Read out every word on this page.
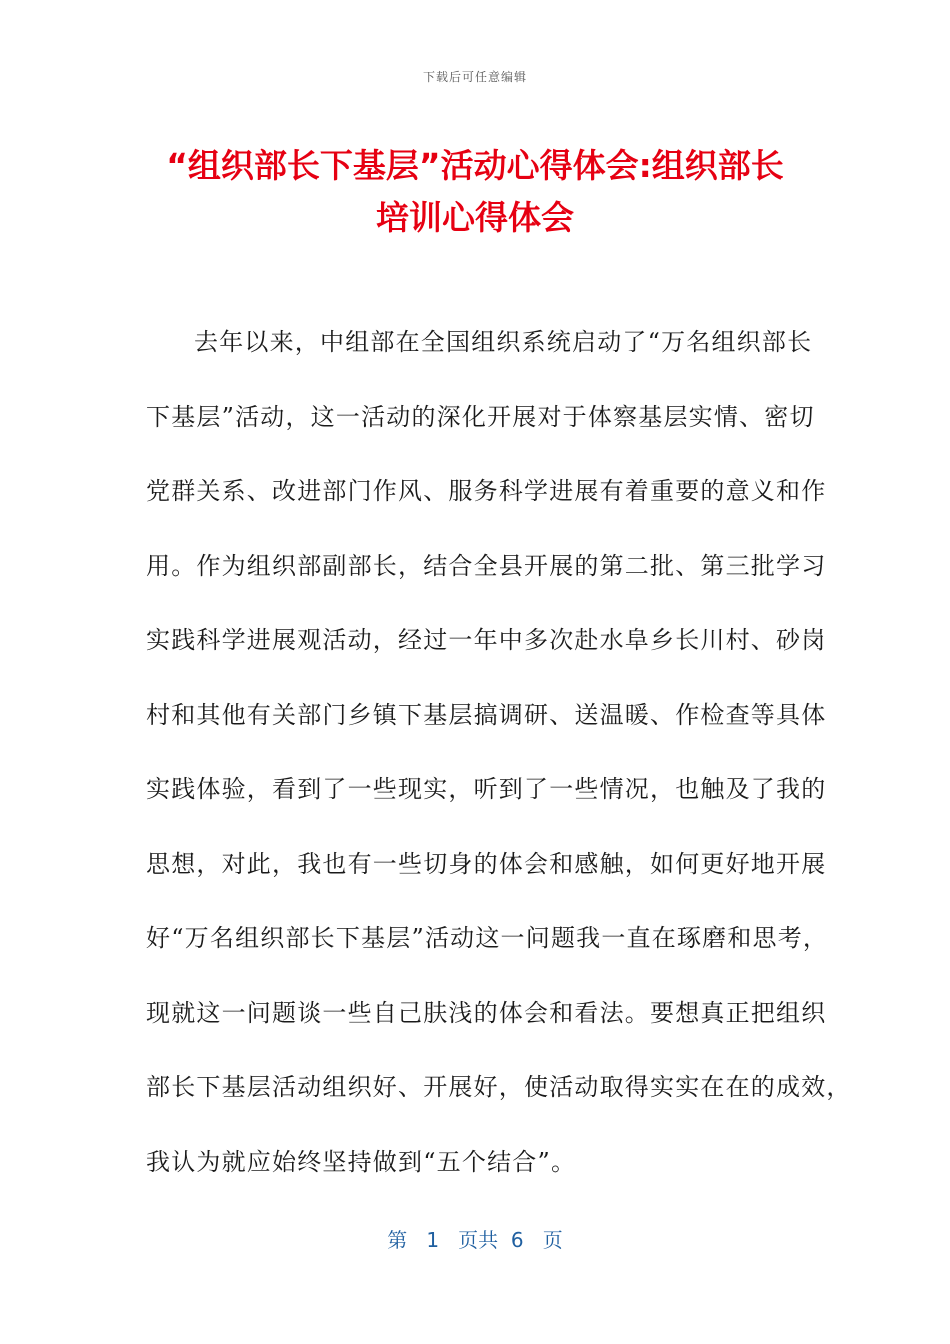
下载后可任意编辑
“组织部长下基层”活动心得体会:组织部长
培训心得体会
去年以来，中组部在全国组织系统启动了“万名组织部长
下基层”活动，这一活动的深化开展对于体察基层实情、密切
党群关系、改进部门作风、服务科学进展有着重要的意义和作
用。作为组织部副部长，结合全县开展的第二批、第三批学习
实践科学进展观活动，经过一年中多次赴水阜乡长川村、砂岗
村和其他有关部门乡镇下基层搞调研、送温暖、作检查等具体
实践体验，看到了一些现实，听到了一些情况，也触及了我的
思想，对此，我也有一些切身的体会和感触，如何更好地开展
好“万名组织部长下基层”活动这一问题我一直在琢磨和思考，
现就这一问题谈一些自己肤浅的体会和看法。要想真正把组织
部长下基层活动组织好、开展好，使活动取得实实在在的成效，
我认为就应始终坚持做到“五个结合”。
第 1 页共 6 页
